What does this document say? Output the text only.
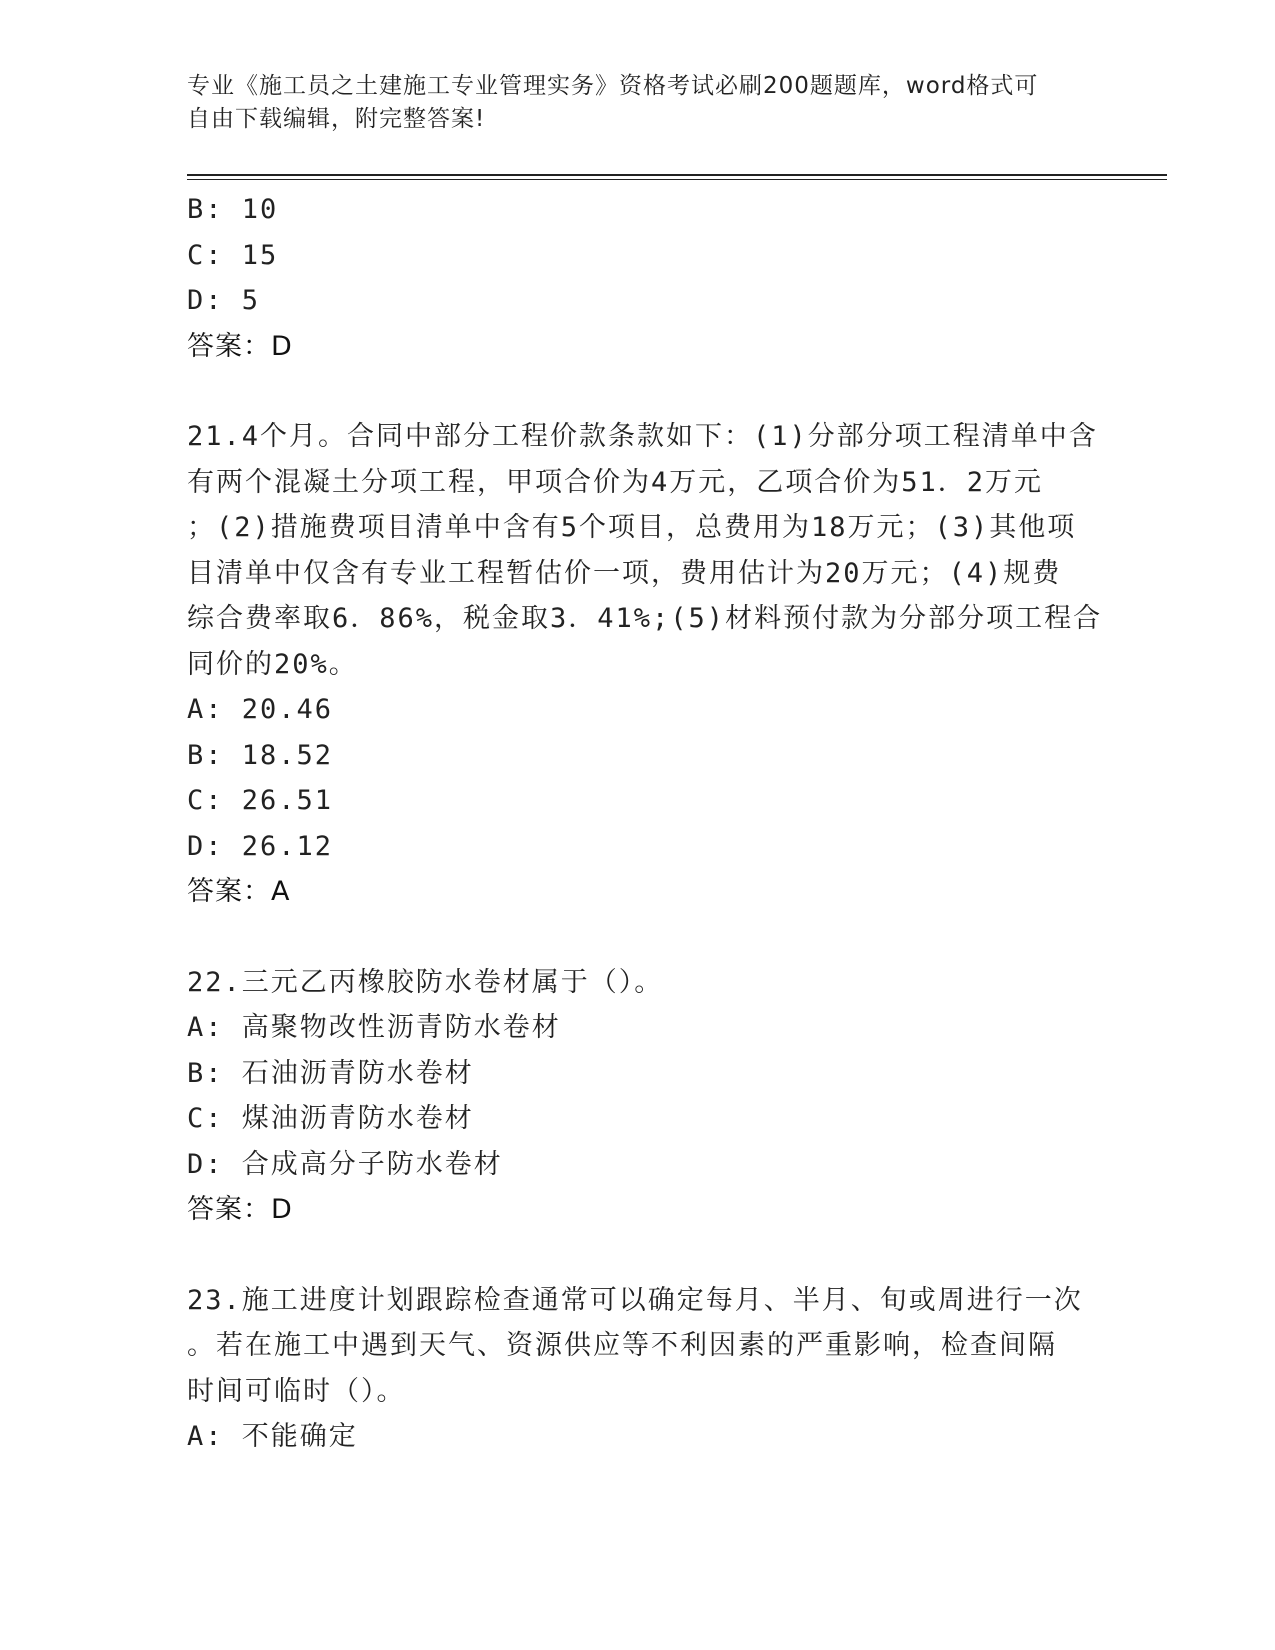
专业《施工员之土建施工专业管理实务》资格考试必刷200题题库，word格式可
自由下载编辑，附完整答案!
B: 10
C: 15
D: 5
答案：D
21.4个月。合同中部分工程价款条款如下：(1)分部分项工程清单中含
有两个混凝土分项工程，甲项合价为4万元，乙项合价为51．2万元
；(2)措施费项目清单中含有5个项目，总费用为18万元；(3)其他项
目清单中仅含有专业工程暂估价一项，费用估计为20万元；(4)规费
综合费率取6．86%，税金取3．41%;(5)材料预付款为分部分项工程合
同价的20%。
A: 20.46
B: 18.52
C: 26.51
D: 26.12
答案：A
22.三元乙丙橡胶防水卷材属于（）。
A: 高聚物改性沥青防水卷材
B: 石油沥青防水卷材
C: 煤油沥青防水卷材
D: 合成高分子防水卷材
答案：D
23.施工进度计划跟踪检查通常可以确定每月、半月、旬或周进行一次
。若在施工中遇到天气、资源供应等不利因素的严重影响，检查间隔
时间可临时（）。
A: 不能确定
